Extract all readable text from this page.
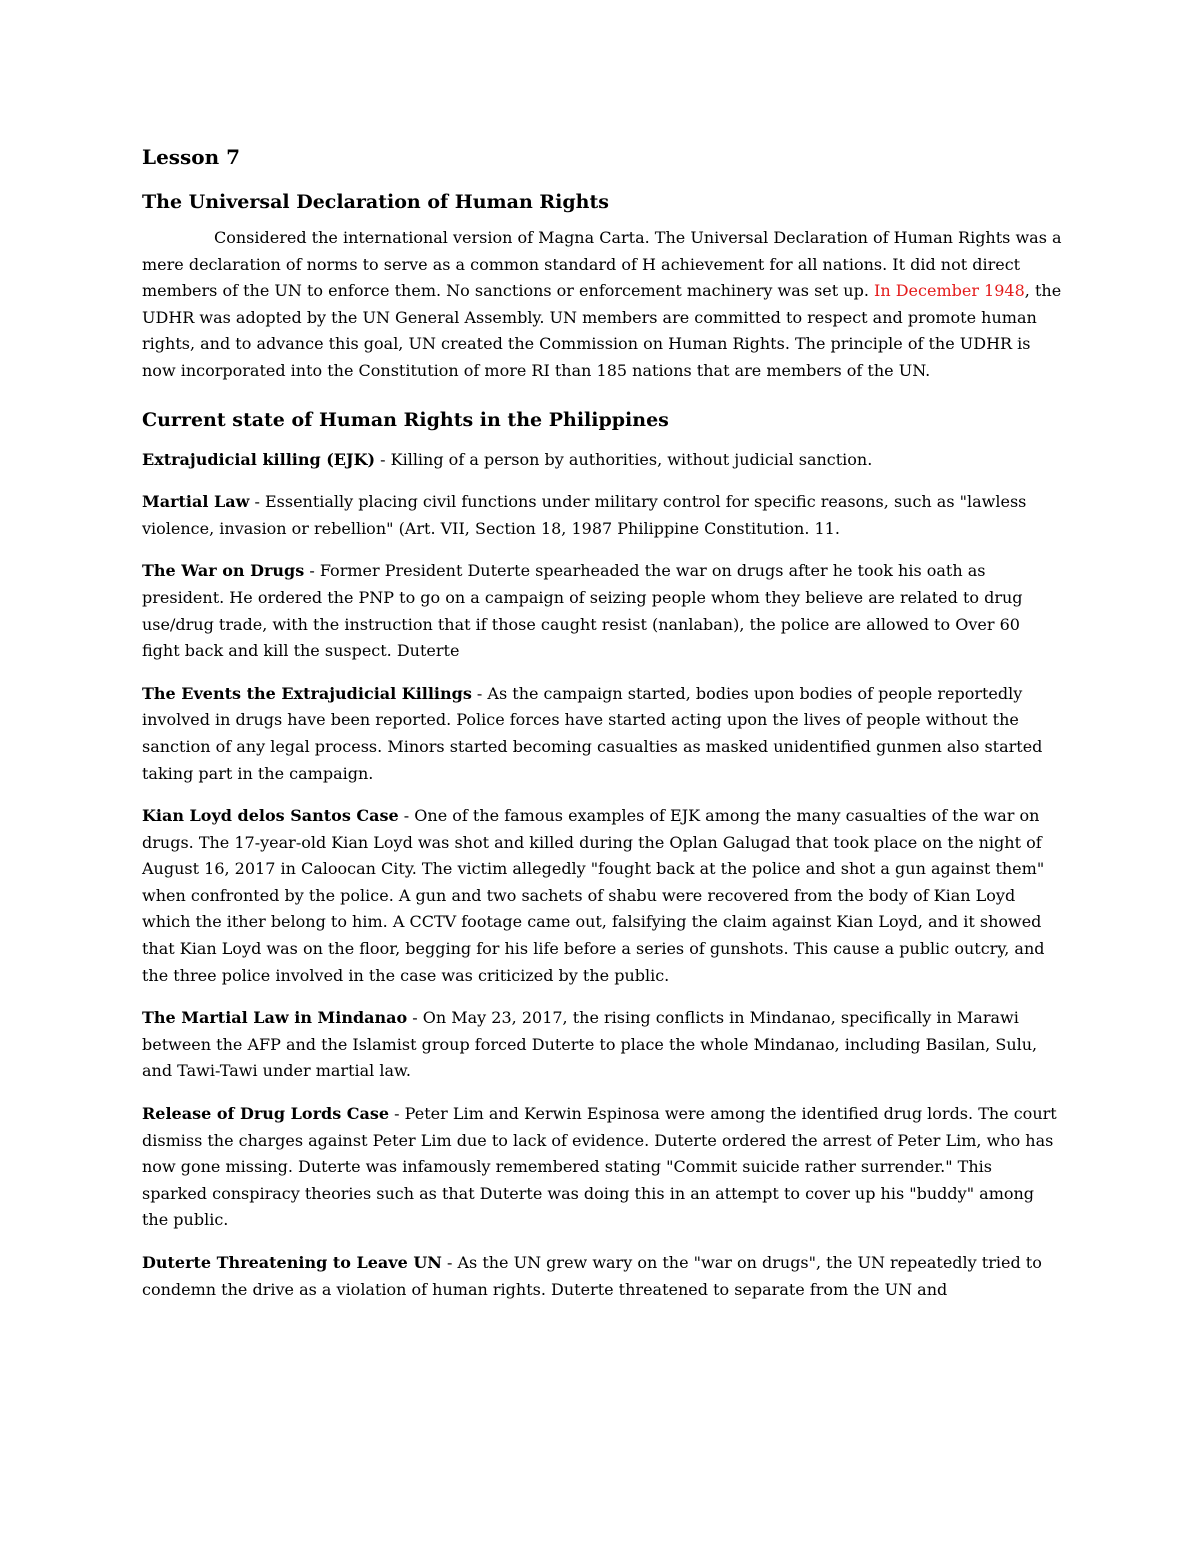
Lesson 7
The Universal Declaration of Human Rights

Considered the international version of Magna Carta. The Universal Declaration of Human Rights was a mere declaration of norms to serve as a common standard of H achievement for all nations. It did not direct members of the UN to enforce them. No sanctions or enforcement machinery was set up. In December 1948, the UDHR was adopted by the UN General Assembly. UN members are committed to respect and promote human rights, and to advance this goal, UN created the Commission on Human Rights. The principle of the UDHR is now incorporated into the Constitution of more RI than 185 nations that are members of the UN.

Current state of Human Rights in the Philippines

Extrajudicial killing (EJK) - Killing of a person by authorities, without judicial sanction.

Martial Law - Essentially placing civil functions under military control for specific reasons, such as "lawless violence, invasion or rebellion" (Art. VII, Section 18, 1987 Philippine Constitution. 11.

The War on Drugs - Former President Duterte spearheaded the war on drugs after he took his oath as president. He ordered the PNP to go on a campaign of seizing people whom they believe are related to drug use/drug trade, with the instruction that if those caught resist (nanlaban), the police are allowed to Over 60 fight back and kill the suspect. Duterte

The Events the Extrajudicial Killings - As the campaign started, bodies upon bodies of people reportedly involved in drugs have been reported. Police forces have started acting upon the lives of people without the sanction of any legal process. Minors started becoming casualties as masked unidentified gunmen also started taking part in the campaign.

Kian Loyd delos Santos Case - One of the famous examples of EJK among the many casualties of the war on drugs. The 17-year-old Kian Loyd was shot and killed during the Oplan Galugad that took place on the night of August 16, 2017 in Caloocan City. The victim allegedly "fought back at the police and shot a gun against them" when confronted by the police. A gun and two sachets of shabu were recovered from the body of Kian Loyd which the ither belong to him. A CCTV footage came out, falsifying the claim against Kian Loyd, and it showed that Kian Loyd was on the floor, begging for his life before a series of gunshots. This cause a public outcry, and the three police involved in the case was criticized by the public.

The Martial Law in Mindanao - On May 23, 2017, the rising conflicts in Mindanao, specifically in Marawi between the AFP and the Islamist group forced Duterte to place the whole Mindanao, including Basilan, Sulu, and Tawi-Tawi under martial law.

Release of Drug Lords Case - Peter Lim and Kerwin Espinosa were among the identified drug lords. The court dismiss the charges against Peter Lim due to lack of evidence. Duterte ordered the arrest of Peter Lim, who has now gone missing. Duterte was infamously remembered stating "Commit suicide rather surrender." This sparked conspiracy theories such as that Duterte was doing this in an attempt to cover up his "buddy" among the public.

Duterte Threatening to Leave UN - As the UN grew wary on the "war on drugs", the UN repeatedly tried to condemn the drive as a violation of human rights. Duterte threatened to separate from the UN and
